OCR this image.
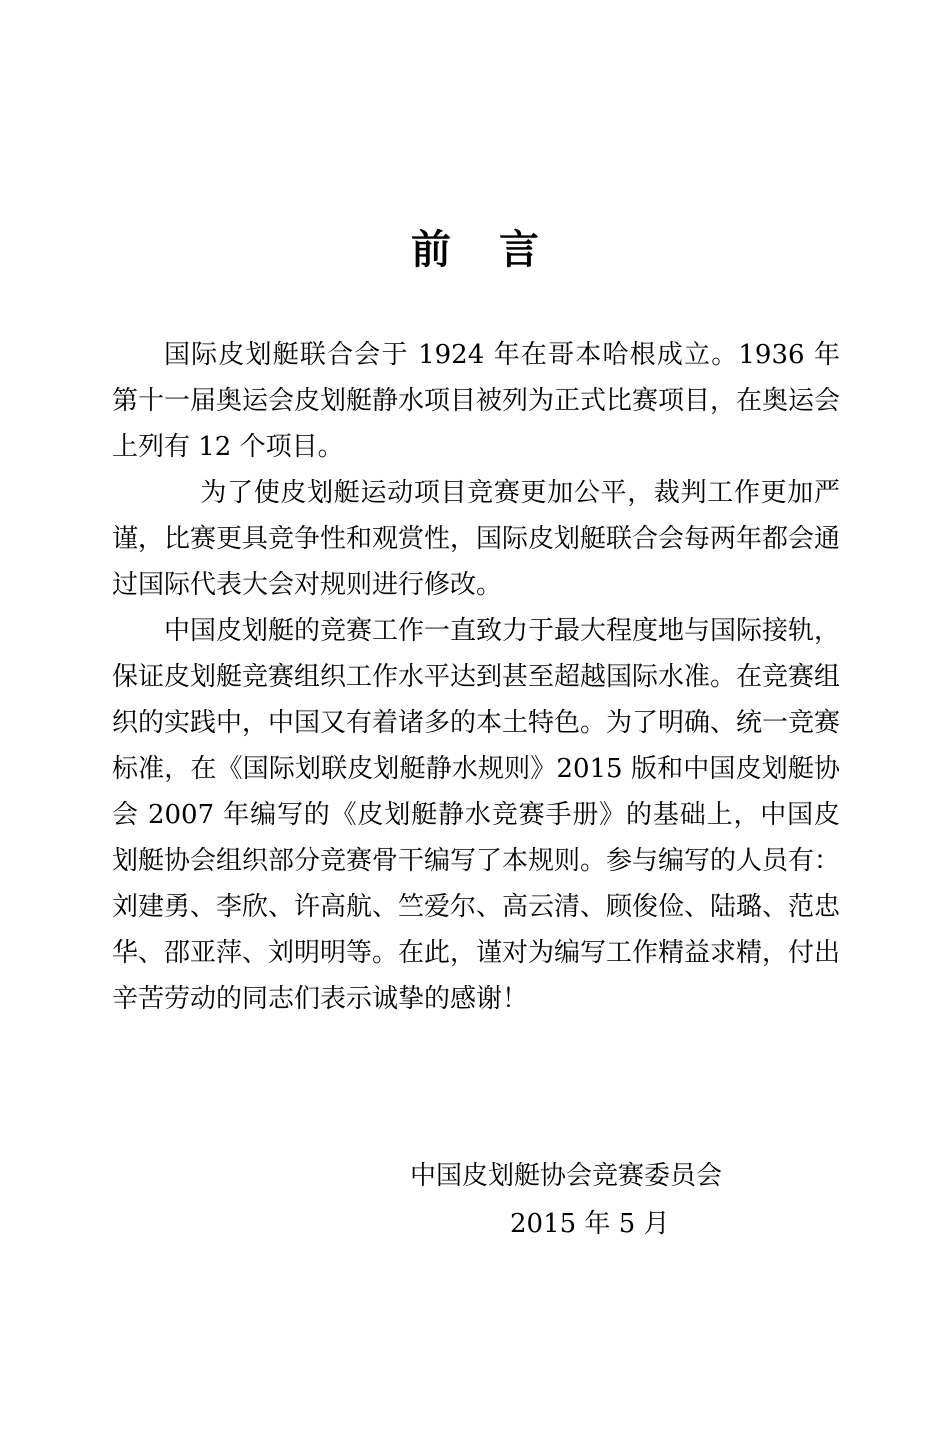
前言

国际皮划艇联合会于 1924 年在哥本哈根成立。1936 年第十一届奥运会皮划艇静水项目被列为正式比赛项目，在奥运会上列有 12 个项目。

为了使皮划艇运动项目竞赛更加公平，裁判工作更加严谨，比赛更具竞争性和观赏性，国际皮划艇联合会每两年都会通过国际代表大会对规则进行修改。

中国皮划艇的竞赛工作一直致力于最大程度地与国际接轨，保证皮划艇竞赛组织工作水平达到甚至超越国际水准。在竞赛组织的实践中，中国又有着诸多的本土特色。为了明确、统一竞赛标准，在《国际划联皮划艇静水规则》2015 版和中国皮划艇协会 2007 年编写的《皮划艇静水竞赛手册》的基础上，中国皮划艇协会组织部分竞赛骨干编写了本规则。参与编写的人员有：刘建勇、李欣、许高航、竺爱尔、高云清、顾俊俭、陆璐、范忠华、邵亚萍、刘明明等。在此，谨对为编写工作精益求精，付出辛苦劳动的同志们表示诚挚的感谢！

中国皮划艇协会竞赛委员会
2015 年 5 月
